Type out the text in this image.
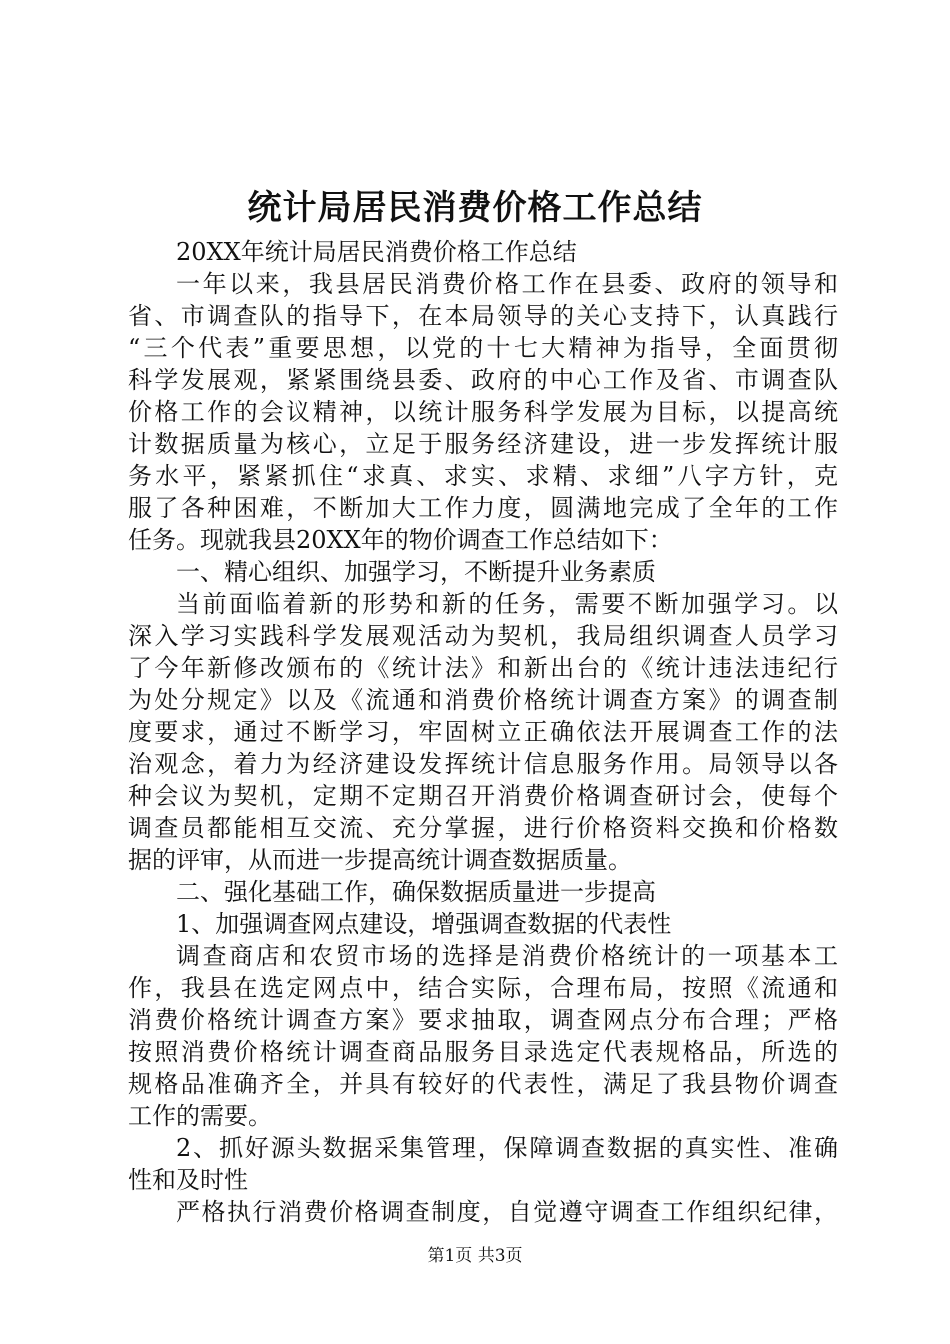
统计局居民消费价格工作总结
20XX年统计局居民消费价格工作总结
一年以来，我县居民消费价格工作在县委、政府的领导和
省、市调查队的指导下，在本局领导的关心支持下，认真践行
“三个代表”重要思想，以党的十七大精神为指导，全面贯彻
科学发展观，紧紧围绕县委、政府的中心工作及省、市调查队
价格工作的会议精神，以统计服务科学发展为目标，以提高统
计数据质量为核心，立足于服务经济建设，进一步发挥统计服
务水平，紧紧抓住“求真、求实、求精、求细”八字方针，克
服了各种困难，不断加大工作力度，圆满地完成了全年的工作
任务。现就我县20XX年的物价调查工作总结如下：
一、精心组织、加强学习，不断提升业务素质
当前面临着新的形势和新的任务，需要不断加强学习。以
深入学习实践科学发展观活动为契机，我局组织调查人员学习
了今年新修改颁布的《统计法》和新出台的《统计违法违纪行
为处分规定》以及《流通和消费价格统计调查方案》的调查制
度要求，通过不断学习，牢固树立正确依法开展调查工作的法
治观念，着力为经济建设发挥统计信息服务作用。局领导以各
种会议为契机，定期不定期召开消费价格调查研讨会，使每个
调查员都能相互交流、充分掌握，进行价格资料交换和价格数
据的评审，从而进一步提高统计调查数据质量。
二、强化基础工作，确保数据质量进一步提高
1、加强调查网点建设，增强调查数据的代表性
调查商店和农贸市场的选择是消费价格统计的一项基本工
作，我县在选定网点中，结合实际，合理布局，按照《流通和
消费价格统计调查方案》要求抽取，调查网点分布合理；严格
按照消费价格统计调查商品服务目录选定代表规格品，所选的
规格品准确齐全，并具有较好的代表性，满足了我县物价调查
工作的需要。
2、抓好源头数据采集管理，保障调查数据的真实性、准确
性和及时性
严格执行消费价格调查制度，自觉遵守调查工作组织纪律，
第1页 共3页
